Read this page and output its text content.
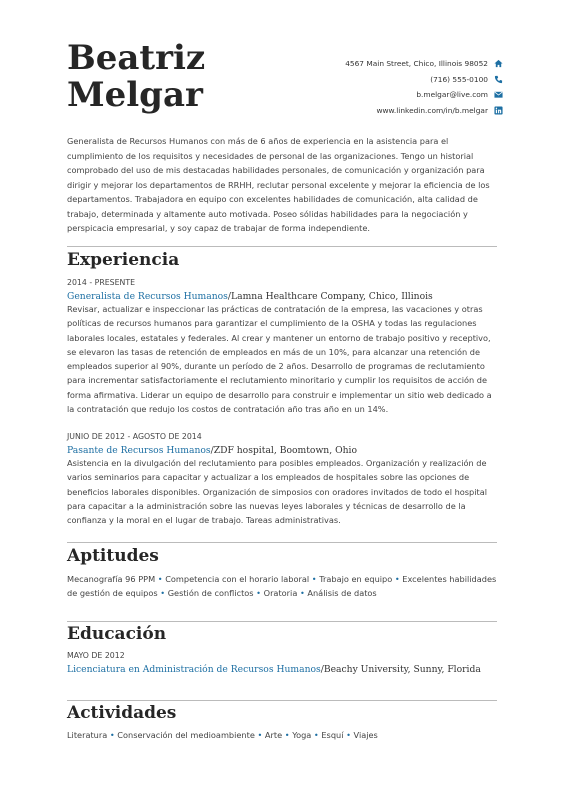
Beatriz
Melgar
4567 Main Street, Chico, Illinois 98052
(716) 555-0100
b.melgar@live.com
www.linkedin.com/in/b.melgar
Generalista de Recursos Humanos con más de 6 años de experiencia en la asistencia para el cumplimiento de los requisitos y necesidades de personal de las organizaciones. Tengo un historial comprobado del uso de mis destacadas habilidades personales, de comunicación y organización para dirigir y mejorar los departamentos de RRHH, reclutar personal excelente y mejorar la eficiencia de los departamentos. Trabajadora en equipo con excelentes habilidades de comunicación, alta calidad de trabajo, determinada y altamente auto motivada. Poseo sólidas habilidades para la negociación y perspicacia empresarial, y soy capaz de trabajar de forma independiente.
Experiencia
2014 - PRESENTE
Generalista de Recursos Humanos/Lamna Healthcare Company, Chico, Illinois
Revisar, actualizar e inspeccionar las prácticas de contratación de la empresa, las vacaciones y otras políticas de recursos humanos para garantizar el cumplimiento de la OSHA y todas las regulaciones laborales locales, estatales y federales. Al crear y mantener un entorno de trabajo positivo y receptivo, se elevaron las tasas de retención de empleados en más de un 10%, para alcanzar una retención de empleados superior al 90%, durante un período de 2 años. Desarrollo de programas de reclutamiento para incrementar satisfactoriamente el reclutamiento minoritario y cumplir los requisitos de acción de forma afirmativa. Liderar un equipo de desarrollo para construir e implementar un sitio web dedicado a la contratación que redujo los costos de contratación año tras año en un 14%.
JUNIO DE 2012 - AGOSTO DE 2014
Pasante de Recursos Humanos/ZDF hospital, Boomtown, Ohio
Asistencia en la divulgación del reclutamiento para posibles empleados. Organización y realización de varios seminarios para capacitar y actualizar a los empleados de hospitales sobre las opciones de beneficios laborales disponibles. Organización de simposios con oradores invitados de todo el hospital para capacitar a la administración sobre las nuevas leyes laborales y técnicas de desarrollo de la confianza y la moral en el lugar de trabajo. Tareas administrativas.
Aptitudes
Mecanografía 96 PPM • Competencia con el horario laboral • Trabajo en equipo • Excelentes habilidades de gestión de equipos • Gestión de conflictos • Oratoria • Análisis de datos
Educación
MAYO DE 2012
Licenciatura en Administración de Recursos Humanos/Beachy University, Sunny, Florida
Actividades
Literatura • Conservación del medioambiente • Arte • Yoga • Esquí • Viajes
